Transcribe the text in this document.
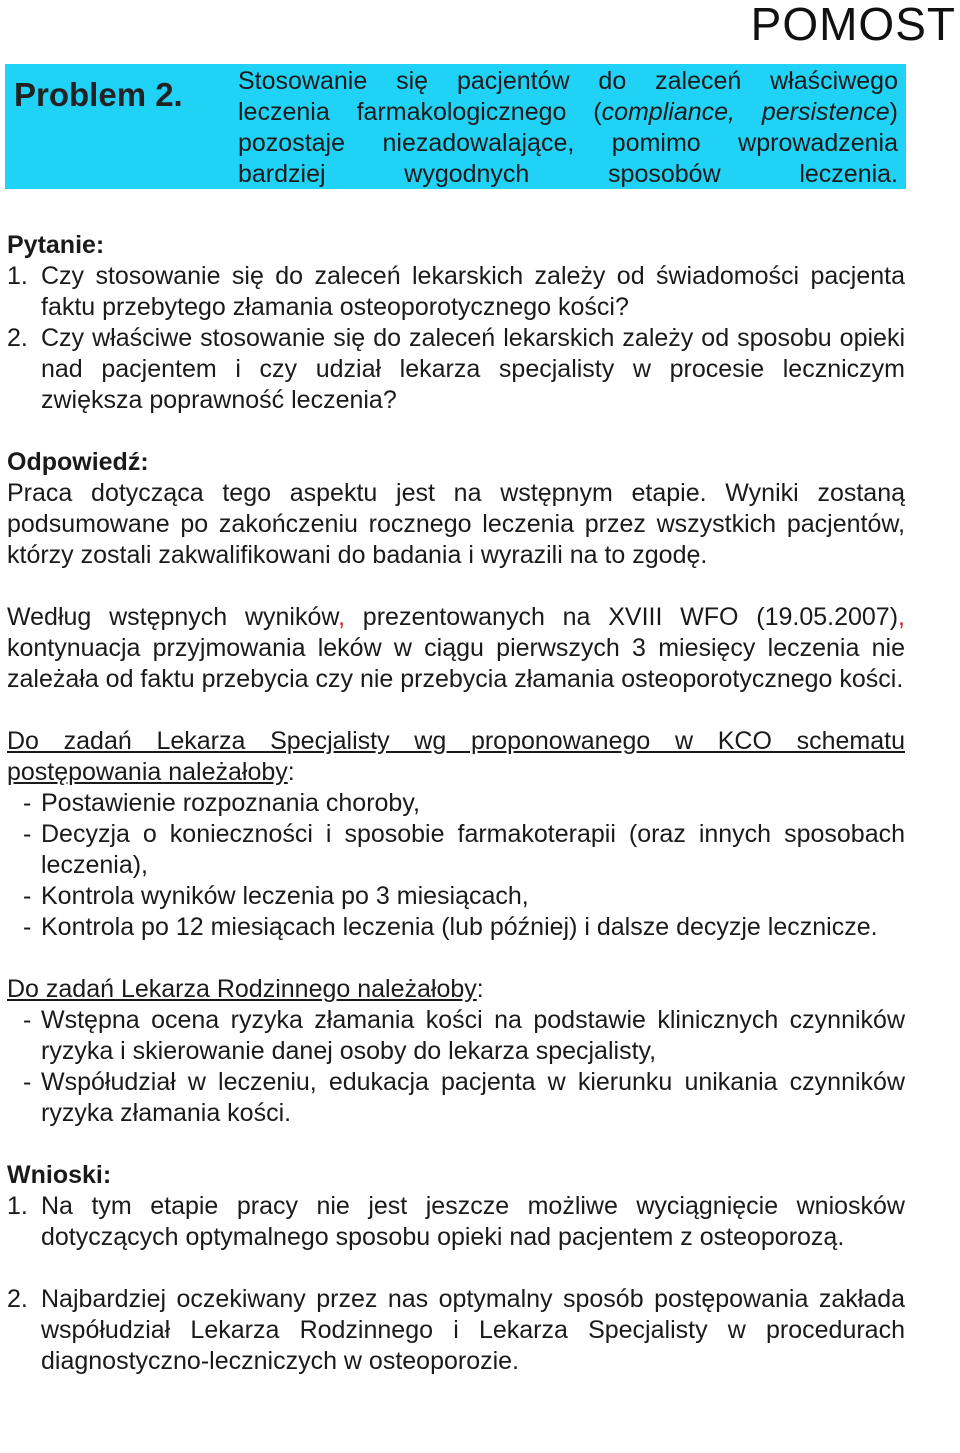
POMOST
Problem 2. Stosowanie się pacjentów do zaleceń właściwego
leczenia farmakologicznego (compliance, persistence)
pozostaje niezadowalające, pomimo wprowadzenia
bardziej wygodnych sposobów leczenia.
Pytanie:
1. Czy stosowanie się do zaleceń lekarskich zależy od świadomości pacjenta faktu przebytego złamania osteoporotycznego kości?
2. Czy właściwe stosowanie się do zaleceń lekarskich zależy od sposobu opieki nad pacjentem i czy udział lekarza specjalisty w procesie leczniczym zwiększa poprawność leczenia?
Odpowiedź:
Praca dotycząca tego aspektu jest na wstępnym etapie. Wyniki zostaną podsumowane po zakończeniu rocznego leczenia przez wszystkich pacjentów, którzy zostali zakwalifikowani do badania i wyrazili na to zgodę.
Według wstępnych wyników, prezentowanych na XVIII WFO (19.05.2007), kontynuacja przyjmowania leków w ciągu pierwszych 3 miesięcy leczenia nie zależała od faktu przebycia czy nie przebycia złamania osteoporotycznego kości.
Do zadań Lekarza Specjalisty wg proponowanego w KCO schematu postępowania należałoby:
- Postawienie rozpoznania choroby,
- Decyzja o konieczności i sposobie farmakoterapii (oraz innych sposobach leczenia),
- Kontrola wyników leczenia po 3 miesiącach,
- Kontrola po 12 miesiącach leczenia (lub później) i dalsze decyzje lecznicze.
Do zadań Lekarza Rodzinnego należałoby:
- Wstępna ocena ryzyka złamania kości na podstawie klinicznych czynników ryzyka i skierowanie danej osoby do lekarza specjalisty,
- Współudział w leczeniu, edukacja pacjenta w kierunku unikania czynników ryzyka złamania kości.
Wnioski:
1. Na tym etapie pracy nie jest jeszcze możliwe wyciągnięcie wniosków dotyczących optymalnego sposobu opieki nad pacjentem z osteoporozą.
2. Najbardziej oczekiwany przez nas optymalny sposób postępowania zakłada współudział Lekarza Rodzinnego i Lekarza Specjalisty w procedurach diagnostyczno-leczniczych w osteoporozie.
